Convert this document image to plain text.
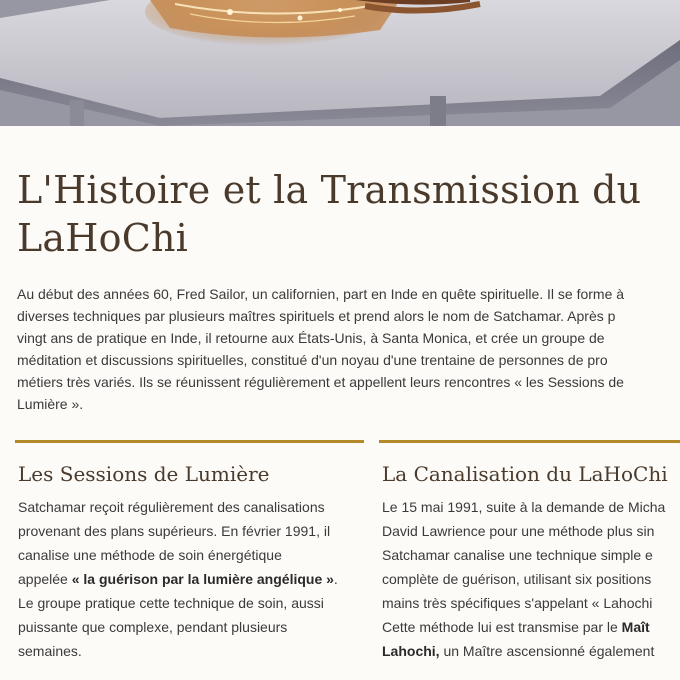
L'Histoire et la Transmission du LaHoChi
Au début des années 60, Fred Sailor, un californien, part en Inde en quête spirituelle. Il se forme à
diverses techniques par plusieurs maîtres spirituels et prend alors le nom de Satchamar. Après p
vingt ans de pratique en Inde, il retourne aux États-Unis, à Santa Monica, et crée un groupe de
méditation et discussions spirituelles, constitué d'un noyau d'une trentaine de personnes de pro
métiers très variés. Ils se réunissent régulièrement et appellent leurs rencontres « les Sessions de
Lumière ».
Les Sessions de Lumière

Satchamar reçoit régulièrement des canalisations
provenant des plans supérieurs. En février 1991, il
canalise une méthode de soin énergétique
appelée « la guérison par la lumière angélique ».
Le groupe pratique cette technique de soin, aussi
puissante que complexe, pendant plusieurs
semaines.

La Canalisation du LaHoChi

Le 15 mai 1991, suite à la demande de Micha
David Lawrience pour une méthode plus sin
Satchamar canalise une technique simple e
complète de guérison, utilisant six positions
mains très spécifiques s'appelant « Lahochi
Cette méthode lui est transmise par le Maît
Lahochi, un Maître ascensionné également
